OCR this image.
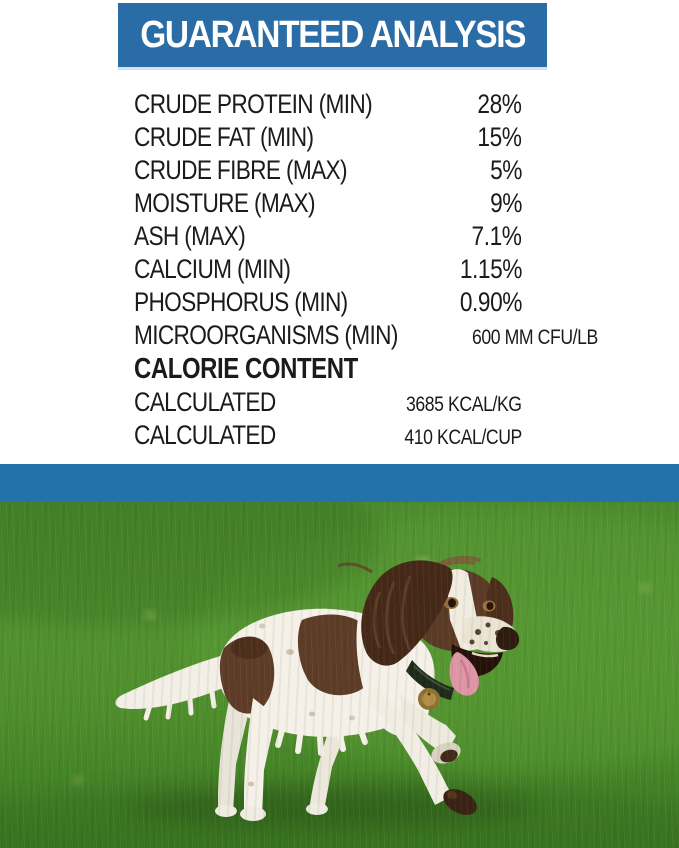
GUARANTEED ANALYSIS
CRUDE PROTEIN (MIN)	28%
CRUDE FAT (MIN)	15%
CRUDE FIBRE (MAX)	5%
MOISTURE (MAX)	9%
ASH (MAX)	7.1%
CALCIUM (MIN)	1.15%
PHOSPHORUS (MIN)	0.90%
MICROORGANISMS (MIN)	600 MM CFU/LB
CALORIE CONTENT
CALCULATED	3685 KCAL/KG
CALCULATED	410 KCAL/CUP
